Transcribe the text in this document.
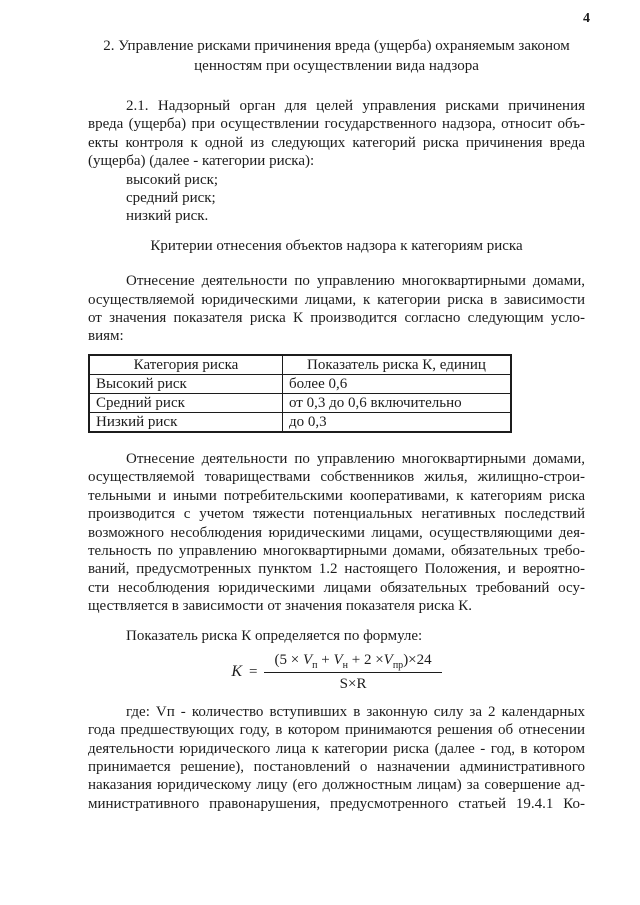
4
2. Управление рисками причинения вреда (ущерба) охраняемым законом
ценностям при осуществлении вида надзора
2.1. Надзорный орган для целей управления рисками причинения
вреда (ущерба) при осуществлении государственного надзора, относит объ-
екты контроля к одной из следующих категорий риска причинения вреда
(ущерба) (далее - категории риска):
высокий риск;
средний риск;
низкий риск.
Критерии отнесения объектов надзора к категориям риска
Отнесение деятельности по управлению многоквартирными домами,
осуществляемой юридическими лицами, к категории риска в зависимости
от значения показателя риска К производится согласно следующим усло-
виям:
Категория риска	Показатель риска К, единиц
Высокий риск	более 0,6
Средний риск	от 0,3 до 0,6 включительно
Низкий риск	до 0,3
Отнесение деятельности по управлению многоквартирными домами,
осуществляемой товариществами собственников жилья, жилищно-строи-
тельными и иными потребительскими кооперативами, к категориям риска
производится с учетом тяжести потенциальных негативных последствий
возможного несоблюдения юридическими лицами, осуществляющими дея-
тельность по управлению многоквартирными домами, обязательных требо-
ваний, предусмотренных пунктом 1.2 настоящего Положения, и вероятно-
сти несоблюдения юридическими лицами обязательных требований осу-
ществляется в зависимости от значения показателя риска К.
Показатель риска К определяется по формуле:
$K = \frac{(5 \times V_п + V_н + 2 \times V_{пр})\times 24}{S\times R}$
где: Vп - количество вступивших в законную силу за 2 календарных
года предшествующих году, в котором принимаются решения об отнесении
деятельности юридического лица к категории риска (далее - год, в котором
принимается решение), постановлений о назначении административного
наказания юридическому лицу (его должностным лицам) за совершение ад-
министративного правонарушения, предусмотренного статьей 19.4.1 Ко-
